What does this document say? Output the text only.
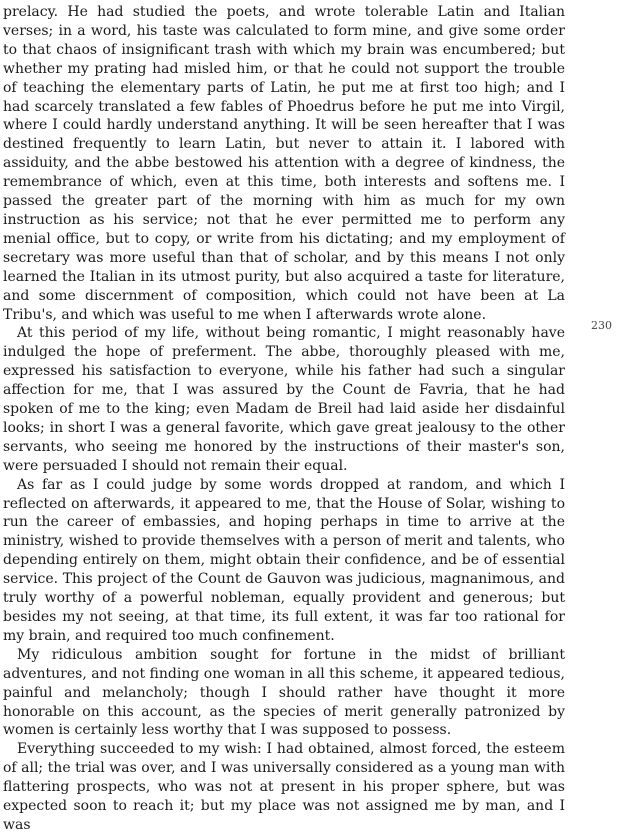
prelacy. He had studied the poets, and wrote tolerable Latin and Italian verses; in a word, his taste was calculated to form mine, and give some order to that chaos of insignificant trash with which my brain was encumbered; but whether my prating had misled him, or that he could not support the trouble of teaching the elementary parts of Latin, he put me at first too high; and I had scarcely translated a few fables of Phoedrus before he put me into Virgil, where I could hardly understand anything. It will be seen hereafter that I was destined frequently to learn Latin, but never to attain it. I labored with assiduity, and the abbe bestowed his attention with a degree of kindness, the remembrance of which, even at this time, both interests and softens me. I passed the greater part of the morning with him as much for my own instruction as his service; not that he ever permitted me to perform any menial office, but to copy, or write from his dictating; and my employment of secretary was more useful than that of scholar, and by this means I not only learned the Italian in its utmost purity, but also acquired a taste for literature, and some discernment of composition, which could not have been at La Tribu's, and which was useful to me when I afterwards wrote alone.

At this period of my life, without being romantic, I might reasonably have indulged the hope of preferment. The abbe, thoroughly pleased with me, expressed his satisfaction to everyone, while his father had such a singular affection for me, that I was assured by the Count de Favria, that he had spoken of me to the king; even Madam de Breil had laid aside her disdainful looks; in short I was a general favorite, which gave great jealousy to the other servants, who seeing me honored by the instructions of their master's son, were persuaded I should not remain their equal.

As far as I could judge by some words dropped at random, and which I reflected on afterwards, it appeared to me, that the House of Solar, wishing to run the career of embassies, and hoping perhaps in time to arrive at the ministry, wished to provide themselves with a person of merit and talents, who depending entirely on them, might obtain their confidence, and be of essential service. This project of the Count de Gauvon was judicious, magnanimous, and truly worthy of a powerful nobleman, equally provident and generous; but besides my not seeing, at that time, its full extent, it was far too rational for my brain, and required too much confinement.

My ridiculous ambition sought for fortune in the midst of brilliant adventures, and not finding one woman in all this scheme, it appeared tedious, painful and melancholy; though I should rather have thought it more honorable on this account, as the species of merit generally patronized by women is certainly less worthy that I was supposed to possess.

Everything succeeded to my wish: I had obtained, almost forced, the esteem of all; the trial was over, and I was universally considered as a young man with flattering prospects, who was not at present in his proper sphere, but was expected soon to reach it; but my place was not assigned me by man, and I was

230
